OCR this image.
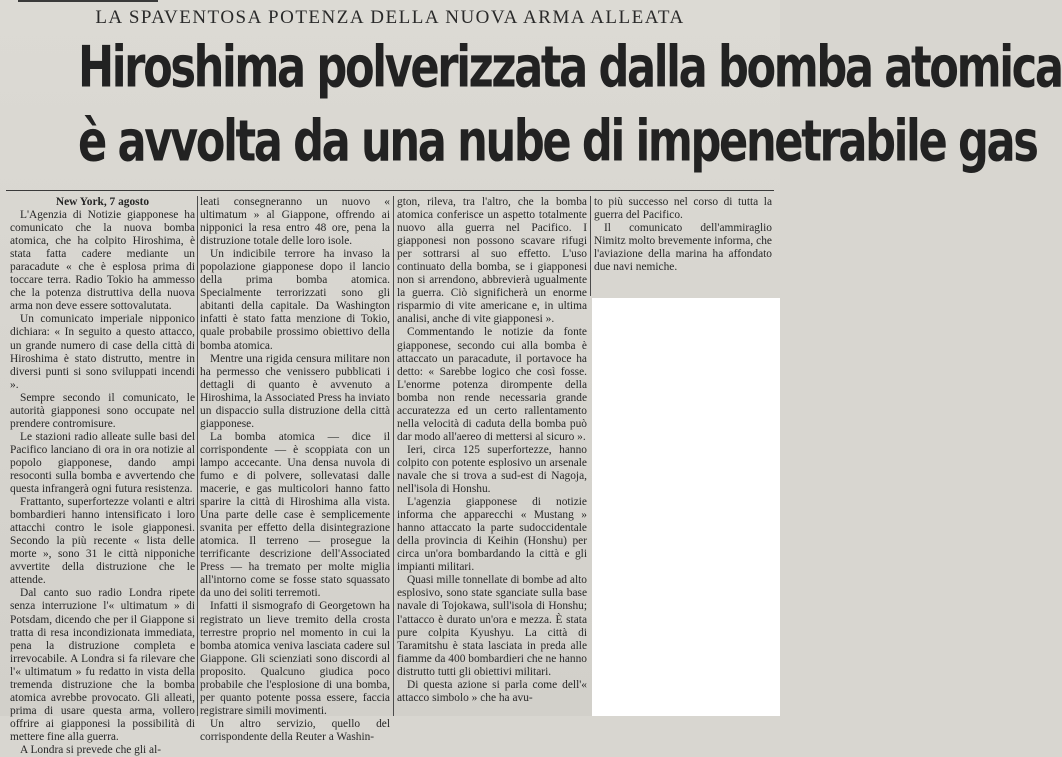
LA SPAVENTOSA POTENZA DELLA NUOVA ARMA ALLEATA
Hiroshima polverizzata dalla bomba atomica
è avvolta da una nube di impenetrabile gas

New York, 7 agosto

L'Agenzia di Notizie giapponese ha comunicato che la nuova bomba atomica, che ha colpito Hiroshima, è stata fatta cadere mediante un paracadute « che è esplosa prima di toccare terra. Radio Tokio ha ammesso che la potenza distruttiva della nuova arma non deve essere sottovalutata.

Un comunicato imperiale nipponico dichiara: « In seguito a questo attacco, un grande numero di case della città di Hiroshima è stato distrutto, mentre in diversi punti si sono sviluppati incendi ».

Sempre secondo il comunicato, le autorità giapponesi sono occupate nel prendere contromisure.

Le stazioni radio alleate sulle basi del Pacifico lanciano di ora in ora notizie al popolo giapponese, dando ampi resoconti sulla bomba e avvertendo che questa infrangerà ogni futura resistenza.

Frattanto, superfortezze volanti e altri bombardieri hanno intensificato i loro attacchi contro le isole giapponesi. Secondo la più recente « lista delle morte », sono 31 le città nipponiche avvertite della distruzione che le attende.

Dal canto suo radio Londra ripete senza interruzione l'« ultimatum » di Potsdam, dicendo che per il Giappone si tratta di resa incondizionata immediata, pena la distruzione completa e irrevocabile. A Londra si fa rilevare che l'« ultimatum » fu redatto in vista della tremenda distruzione che la bomba atomica avrebbe provocato. Gli alleati, prima di usare questa arma, vollero offrire ai giapponesi la possibilità di mettere fine alla guerra.

A Londra si prevede che gli al-

leati consegneranno un nuovo « ultimatum » al Giappone, offrendo ai nipponici la resa entro 48 ore, pena la distruzione totale delle loro isole.

Un indicibile terrore ha invaso la popolazione giapponese dopo il lancio della prima bomba atomica. Specialmente terrorizzati sono gli abitanti della capitale. Da Washington infatti è stato fatta menzione di Tokio, quale probabile prossimo obiettivo della bomba atomica.

Mentre una rigida censura militare non ha permesso che venissero pubblicati i dettagli di quanto è avvenuto a Hiroshima, la Associated Press ha inviato un dispaccio sulla distruzione della città giapponese.

La bomba atomica — dice il corrispondente — è scoppiata con un lampo accecante. Una densa nuvola di fumo e di polvere, sollevatasi dalle macerie, e gas multicolori hanno fatto sparire la città di Hiroshima alla vista. Una parte delle case è semplicemente svanita per effetto della disintegrazione atomica. Il terreno — prosegue la terrificante descrizione dell'Associated Press — ha tremato per molte miglia all'intorno come se fosse stato squassato da uno dei soliti terremoti.

Infatti il sismografo di Georgetown ha registrato un lieve tremito della crosta terrestre proprio nel momento in cui la bomba atomica veniva lasciata cadere sul Giappone. Gli scienziati sono discordi al proposito. Qualcuno giudica poco probabile che l'esplosione di una bomba, per quanto potente possa essere, faccia registrare simili movimenti.

Un altro servizio, quello del corrispondente della Reuter a Washin-

gton, rileva, tra l'altro, che la bomba atomica conferisce un aspetto totalmente nuovo alla guerra nel Pacifico. I giapponesi non possono scavare rifugi per sottrarsi al suo effetto. L'uso continuato della bomba, se i giapponesi non si arrendono, abbrevierà ugualmente la guerra. Ciò significherà un enorme risparmio di vite americane e, in ultima analisi, anche di vite giapponesi ».

Commentando le notizie da fonte giapponese, secondo cui alla bomba è attaccato un paracadute, il portavoce ha detto: « Sarebbe logico che così fosse. L'enorme potenza dirompente della bomba non rende necessaria grande accuratezza ed un certo rallentamento nella velocità di caduta della bomba può dar modo all'aereo di mettersi al sicuro ».

Ieri, circa 125 superfortezze, hanno colpito con potente esplosivo un arsenale navale che si trova a sud-est di Nagoja, nell'isola di Honshu.

L'agenzia giapponese di notizie informa che apparecchi « Mustang » hanno attaccato la parte sudoccidentale della provincia di Keihin (Honshu) per circa un'ora bombardando la città e gli impianti militari.

Quasi mille tonnellate di bombe ad alto esplosivo, sono state sganciate sulla base navale di Tojokawa, sull'isola di Honshu; l'attacco è durato un'ora e mezza. È stata pure colpita Kyushyu. La città di Taramitshu è stata lasciata in preda alle fiamme da 400 bombardieri che ne hanno distrutto tutti gli obiettivi militari.

Di questa azione si parla come dell'« attacco simbolo » che ha avu-

to più successo nel corso di tutta la guerra del Pacifico.

Il comunicato dell'ammiraglio Nimitz molto brevemente informa, che l'aviazione della marina ha affondato due navi nemiche.
